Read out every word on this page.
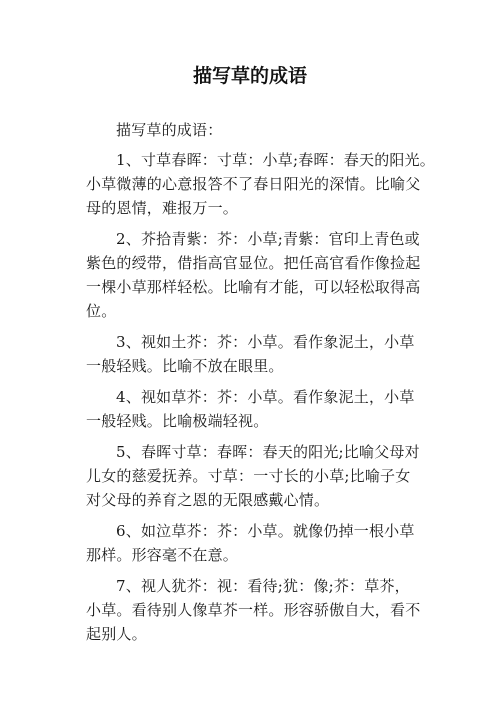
描写草的成语

描写草的成语：

1、寸草春晖：寸草：小草;春晖：春天的阳光。
小草微薄的心意报答不了春日阳光的深情。比喻父
母的恩情，难报万一。

2、芥拾青紫：芥：小草;青紫：官印上青色或
紫色的绶带，借指高官显位。把任高官看作像捡起
一棵小草那样轻松。比喻有才能，可以轻松取得高
位。

3、视如土芥：芥：小草。看作象泥土，小草
一般轻贱。比喻不放在眼里。

4、视如草芥：芥：小草。看作象泥土，小草
一般轻贱。比喻极端轻视。

5、春晖寸草：春晖：春天的阳光;比喻父母对
儿女的慈爱抚养。寸草：一寸长的小草;比喻子女
对父母的养育之恩的无限感戴心情。

6、如泣草芥：芥：小草。就像仍掉一根小草
那样。形容毫不在意。

7、视人犹芥：视：看待;犹：像;芥：草芥，
小草。看待别人像草芥一样。形容骄傲自大，看不
起别人。
